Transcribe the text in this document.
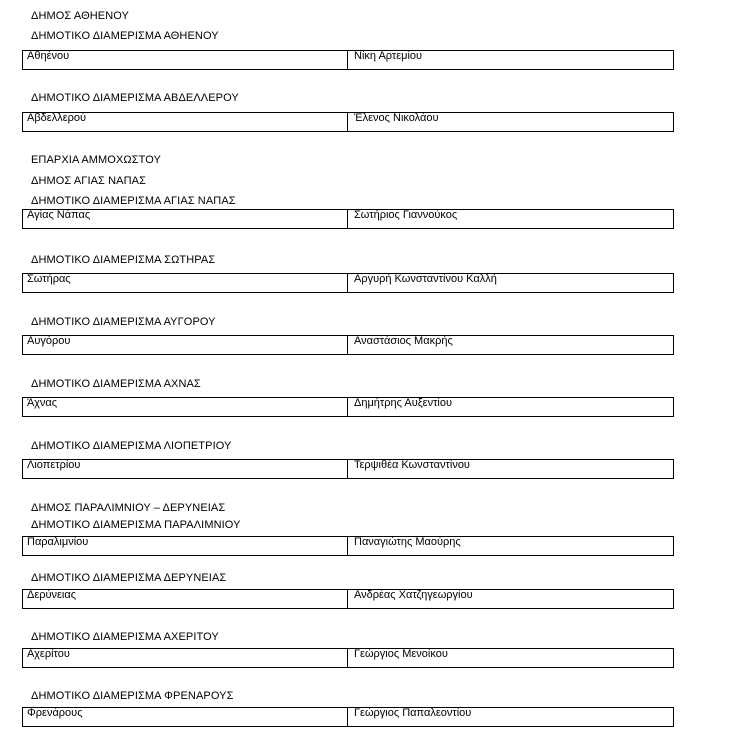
ΔΗΜΟΣ ΑΘΗΕΝΟΥ
ΔΗΜΟΤΙΚΟ ΔΙΑΜΕΡΙΣΜΑ ΑΘΗΕΝΟΥ
Αθηένου	Νίκη Αρτεμίου
ΔΗΜΟΤΙΚΟ ΔΙΑΜΕΡΙΣΜΑ ΑΒΔΕΛΛΕΡΟΥ
Αβδελλερού	Έλενος Νικολάου
ΕΠΑΡΧΙΑ ΑΜΜΟΧΩΣΤΟΥ
ΔΗΜΟΣ ΑΓΙΑΣ ΝΑΠΑΣ
ΔΗΜΟΤΙΚΟ ΔΙΑΜΕΡΙΣΜΑ ΑΓΙΑΣ ΝΑΠΑΣ
Αγίας Νάπας	Σωτήριος Γιαννούκος
ΔΗΜΟΤΙΚΟ ΔΙΑΜΕΡΙΣΜΑ ΣΩΤΗΡΑΣ
Σωτήρας	Αργυρή Κωνσταντίνου Καλλή
ΔΗΜΟΤΙΚΟ ΔΙΑΜΕΡΙΣΜΑ ΑΥΓΟΡΟΥ
Αυγόρου	Αναστάσιος Μακρής
ΔΗΜΟΤΙΚΟ ΔΙΑΜΕΡΙΣΜΑ ΑΧΝΑΣ
Άχνας	Δημήτρης Αυξεντίου
ΔΗΜΟΤΙΚΟ ΔΙΑΜΕΡΙΣΜΑ ΛΙΟΠΕΤΡΙΟΥ
Λιοπετρίου	Τερψιθέα Κωνσταντίνου
ΔΗΜΟΣ ΠΑΡΑΛΙΜΝΙΟΥ – ΔΕΡΥΝΕΙΑΣ
ΔΗΜΟΤΙΚΟ ΔΙΑΜΕΡΙΣΜΑ ΠΑΡΑΛΙΜΝΙΟΥ
Παραλιμνίου	Παναγιώτης Μαούρης
ΔΗΜΟΤΙΚΟ ΔΙΑΜΕΡΙΣΜΑ ΔΕΡΥΝΕΙΑΣ
Δερύνειας	Ανδρέας Χατζηγεωργίου
ΔΗΜΟΤΙΚΟ ΔΙΑΜΕΡΙΣΜΑ ΑΧΕΡΙΤΟΥ
Αχερίτου	Γεώργιος Μενοίκου
ΔΗΜΟΤΙΚΟ ΔΙΑΜΕΡΙΣΜΑ ΦΡΕΝΑΡΟΥΣ
Φρενάρους	Γεώργιος Παπαλεοντίου
